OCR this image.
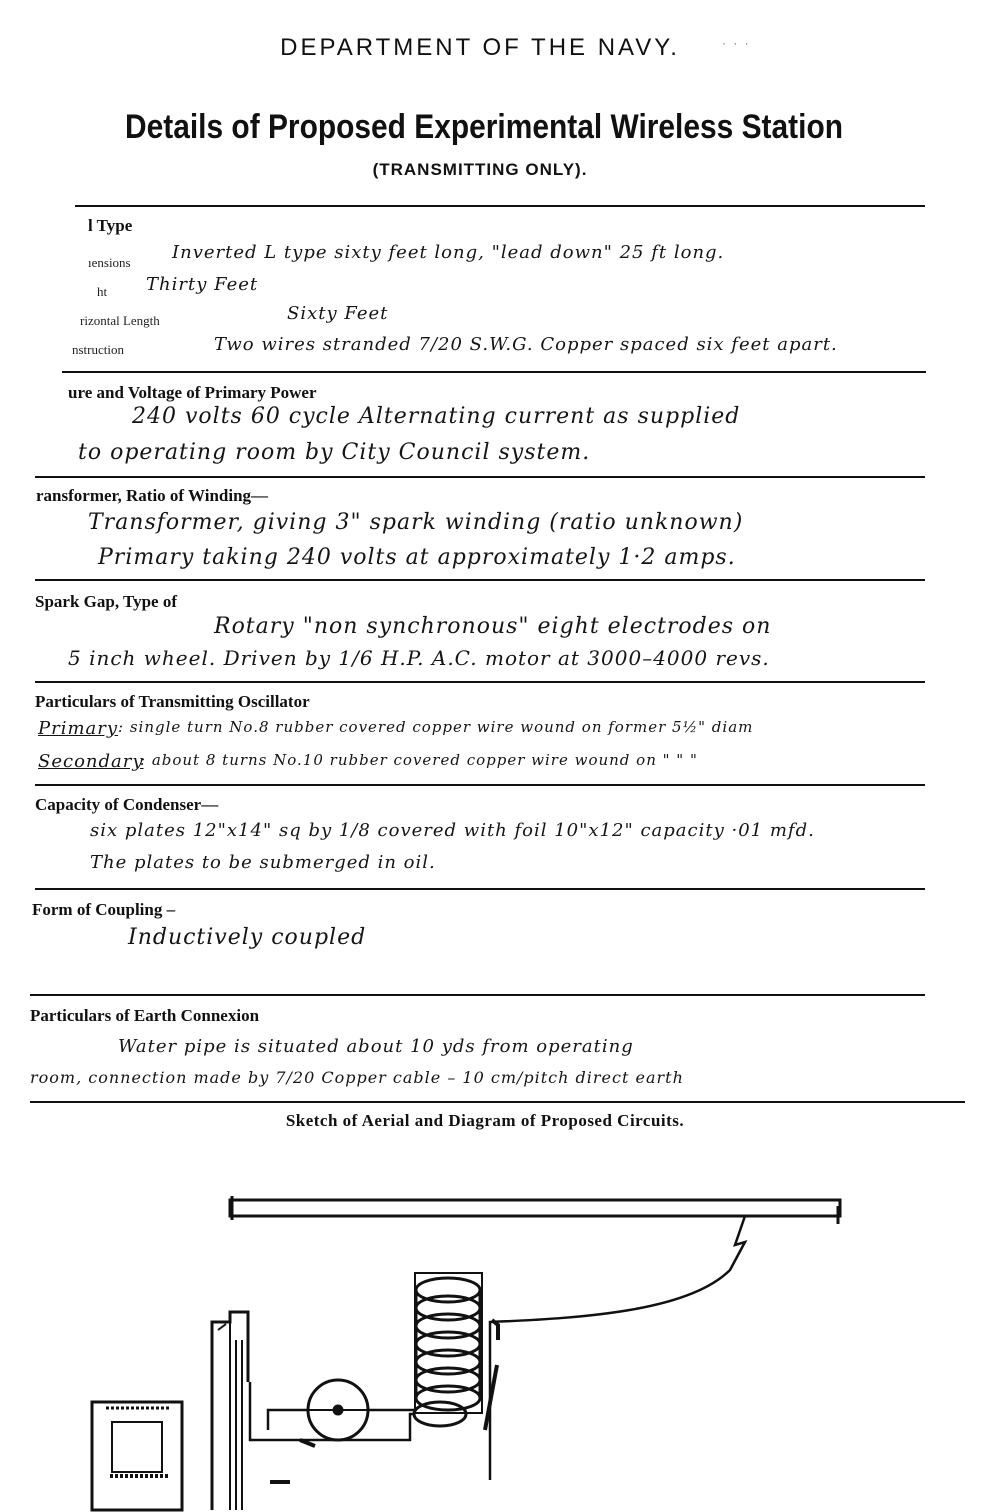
DEPARTMENT OF THE NAVY.	· · ·
Details of Proposed Experimental Wireless Station
(TRANSMITTING ONLY).
l Type
ıensions Inverted L type sixty feet long, "lead down" 25 ft long.
ht Thirty Feet
rizontal Length	Sixty Feet
nstruction	Two wires stranded 7/20 S.W.G. Copper spaced six feet apart.
ure and Voltage of Primary Power
240 volts 60 cycle Alternating current as supplied
to operating room by City Council system.
ransformer, Ratio of Winding—
Transformer, giving 3" spark winding (ratio unknown)
Primary taking 240 volts at approximately 1·2 amps.
Spark Gap, Type of
Rotary "non synchronous" eight electrodes on
5 inch wheel. Driven by 1/6 H.P. A.C. motor at 3000–4000 revs.
Particulars of Transmitting Oscillator
Primary : single turn No.8 rubber covered copper wire wound on former 5½" diam
Secondary
: about 8 turns No.10 rubber covered copper wire wound on " " "
Capacity of Condenser—
six plates 12"x14" sq by 1/8 covered with foil 10"x12" capacity ·01 mfd.
The plates to be submerged in oil.
Form of Coupling –
Inductively coupled
Particulars of Earth Connexion
Water pipe is situated about 10 yds from operating
room, connection made by 7/20 Copper cable – 10 cm/pitch direct earth
Sketch of Aerial and Diagram of Proposed Circuits.
